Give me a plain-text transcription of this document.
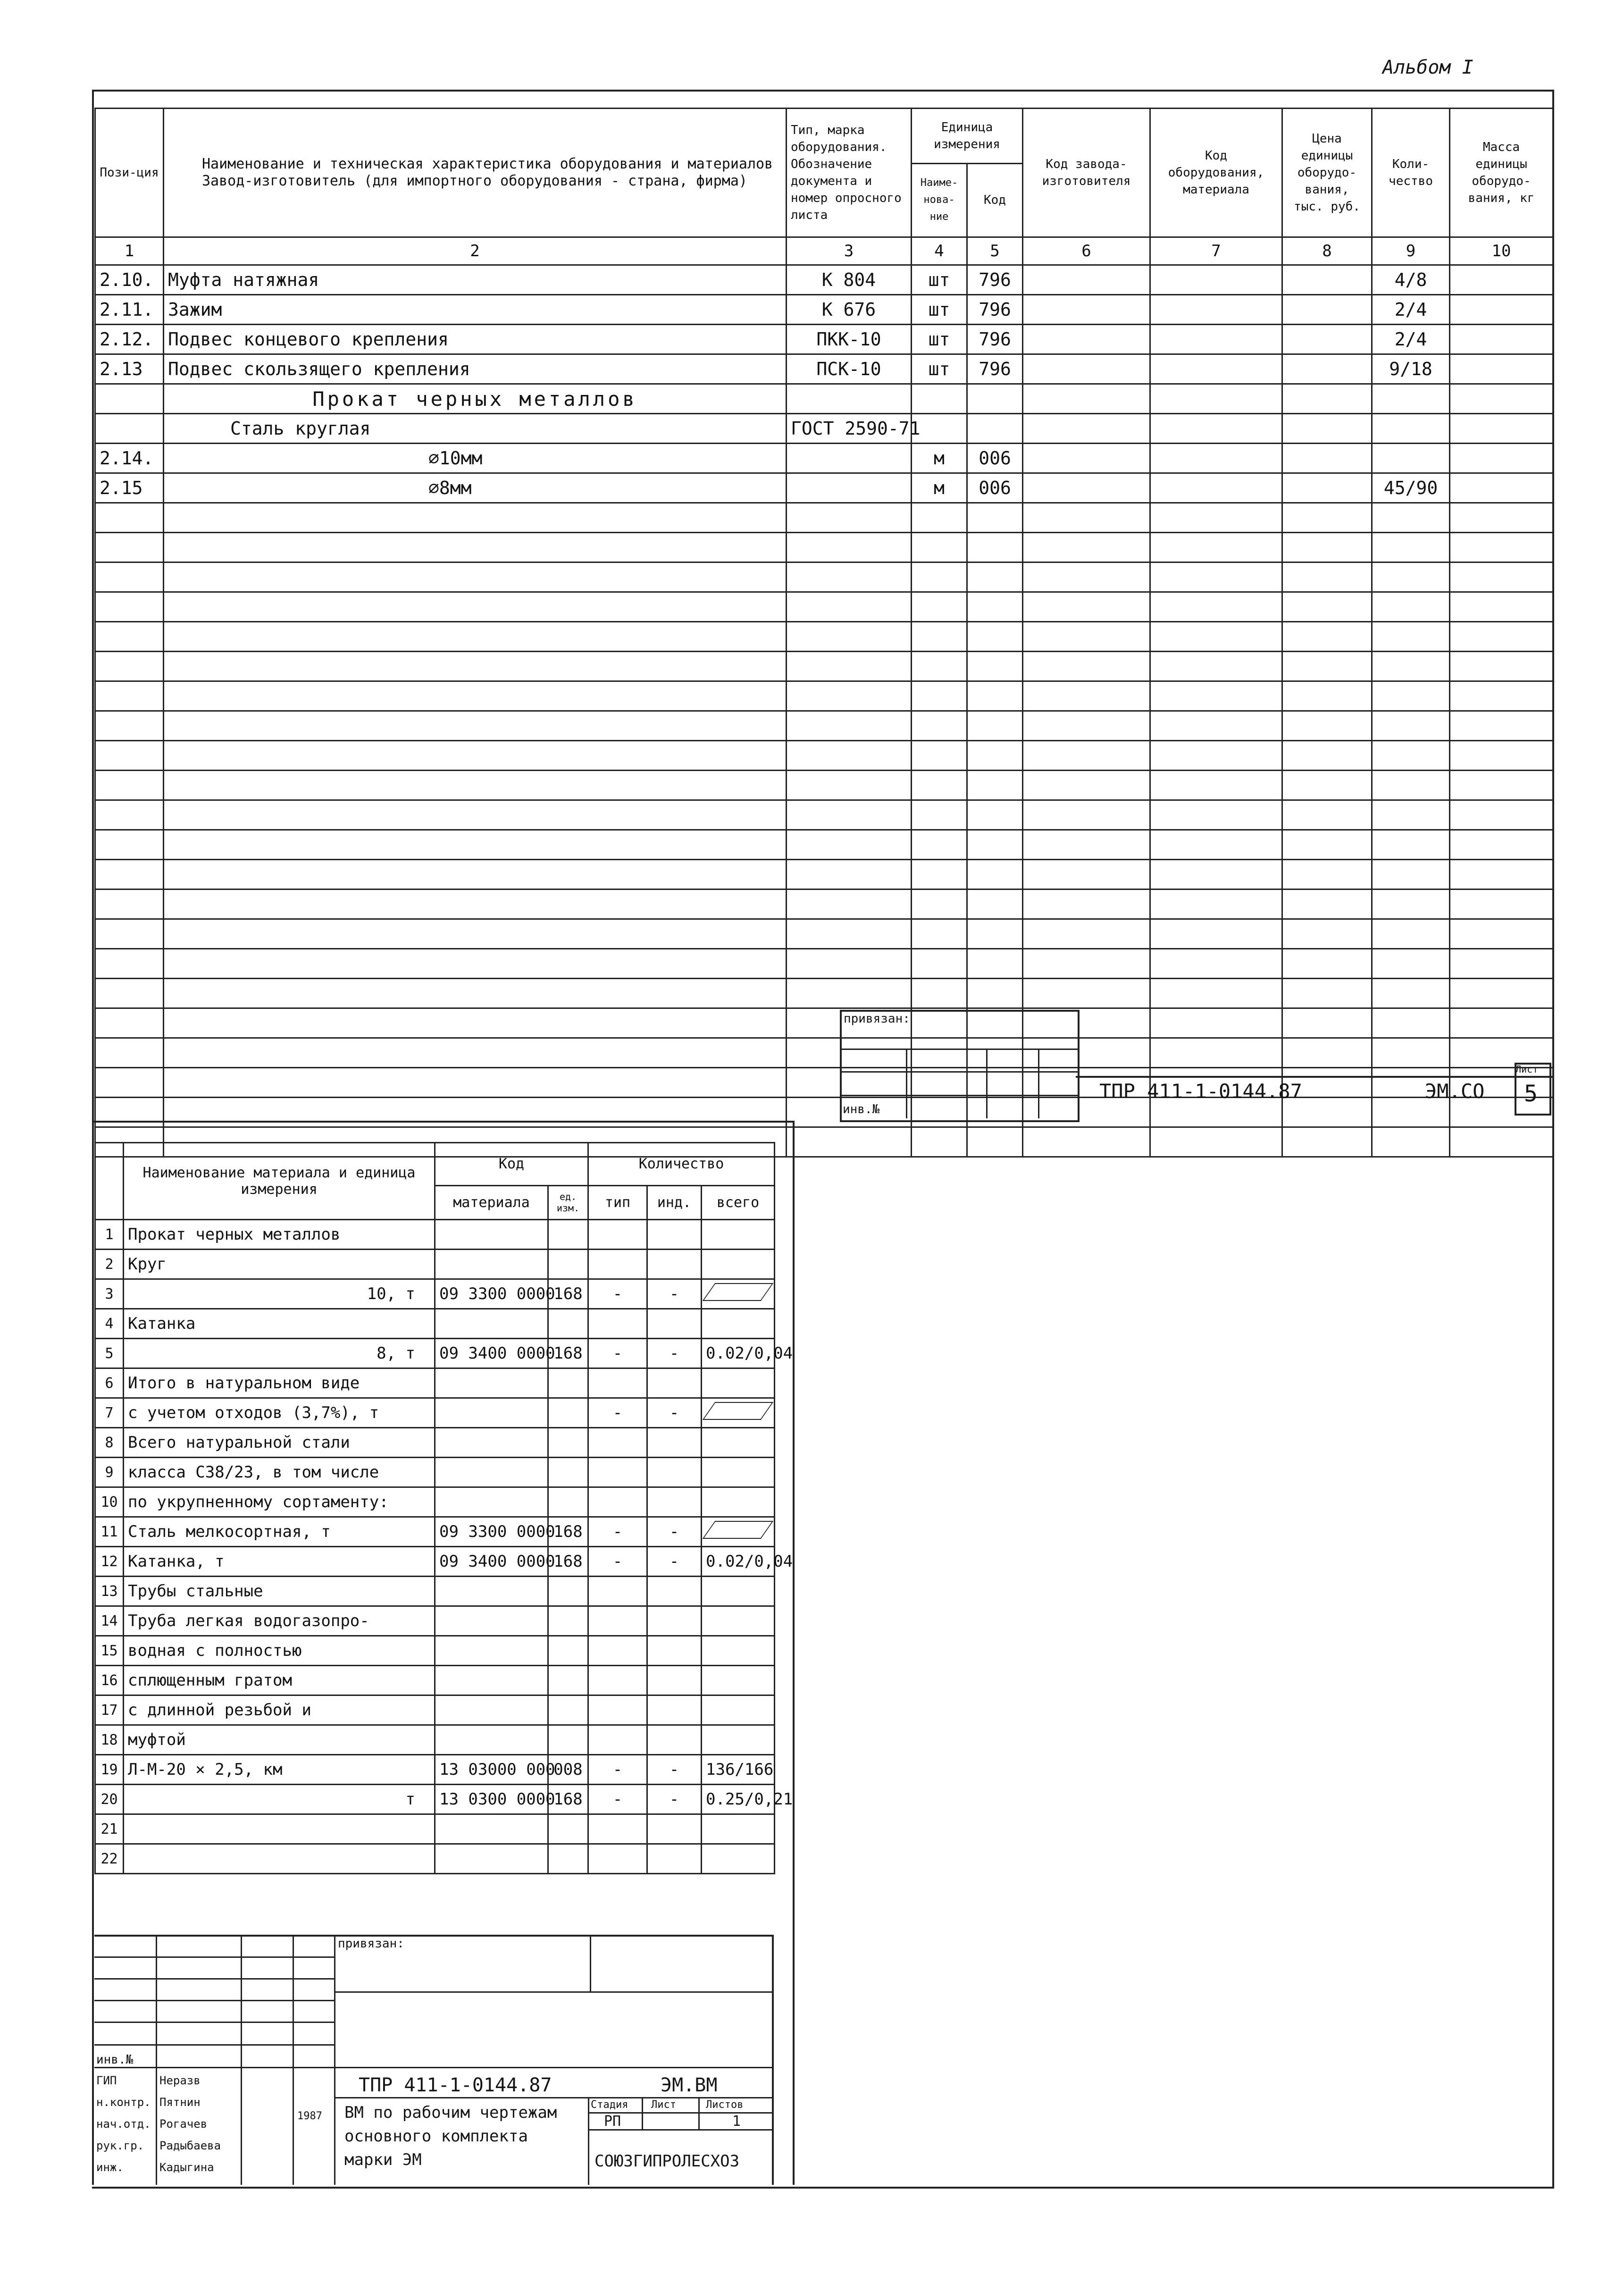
Альбом I
Пози-ция	Наименование и техническая характеристика оборудования и материалов Завод-изготовитель (для импортного оборудования - страна, фирма)	Тип, марка оборудования. Обозначение документа и номер опросного листа	Единица измерения		Код завода-изготовителя	Код оборудования, материала	Цена единицы оборудо-вания, тыс. руб.	Коли-чество	Масса единицы оборудо-вания, кг
			Наиме-нова-ние	Код					
1	2	3	4	5	6	7	8	9	10
2.10.	Муфта натяжная	К 804	шт	796				4/8	
2.11.	Зажим	К 676	шт	796				2/4	
2.12.	Подвес концевого крепления	ПКК-10	шт	796				2/4	
2.13	Подвес скользящего крепления	ПСК-10	шт	796				9/18	
	Прокат черных металлов								
	Сталь круглая	ГОСТ 2590-71							
2.14.	⌀10мм		м	006					
2.15	⌀8мм		м	006				45/90	

привязан:
инв.№
ТПР 411-1-0144.87	ЭМ.СО
Лист
5
	Наименование материала и единица измерения	Код		Количество		
		материала	ед. изм.	тип	инд.	всего
1	Прокат черных металлов					
2	Круг					
3	10, т	09 3300 0000	168	-	-	
4	Катанка					
5	8, т	09 3400 0000	168	-	-	0.02/0,04
6	Итого в натуральном виде					
7	с учетом отходов (3,7%), т			-	-	
8	Всего натуральной стали					
9	класса С38/23, в том числе					
10	по укрупненному сортаменту:					
11	Сталь мелкосортная, т	09 3300 0000	168	-	-	
12	Катанка, т	09 3400 0000	168	-	-	0.02/0,04
13	Трубы стальные					
14	Труба легкая водогазопро-					
15	водная с полностью					
16	сплющенным гратом					
17	с длинной резьбой и					
18	муфтой					
19	Л-М-20 × 2,5, км	13 03000 000	008	-	-	136/166
20	т	13 0300 0000	168	-	-	0.25/0,21
21						
22						
привязан:
инв.№
ГИП
н.контр.
нач.отд.
рук.гр.
инж.
Неразв
Пятнин
Рогачев
Радыбаева
Кадыгина
1987
ТПР 411-1-0144.87	ЭМ.ВМ
ВМ по рабочим чертежам основного комплекта марки ЭМ
Стадия Лист	Листов
РП	1
СОЮЗГИПРОЛЕСХОЗ
